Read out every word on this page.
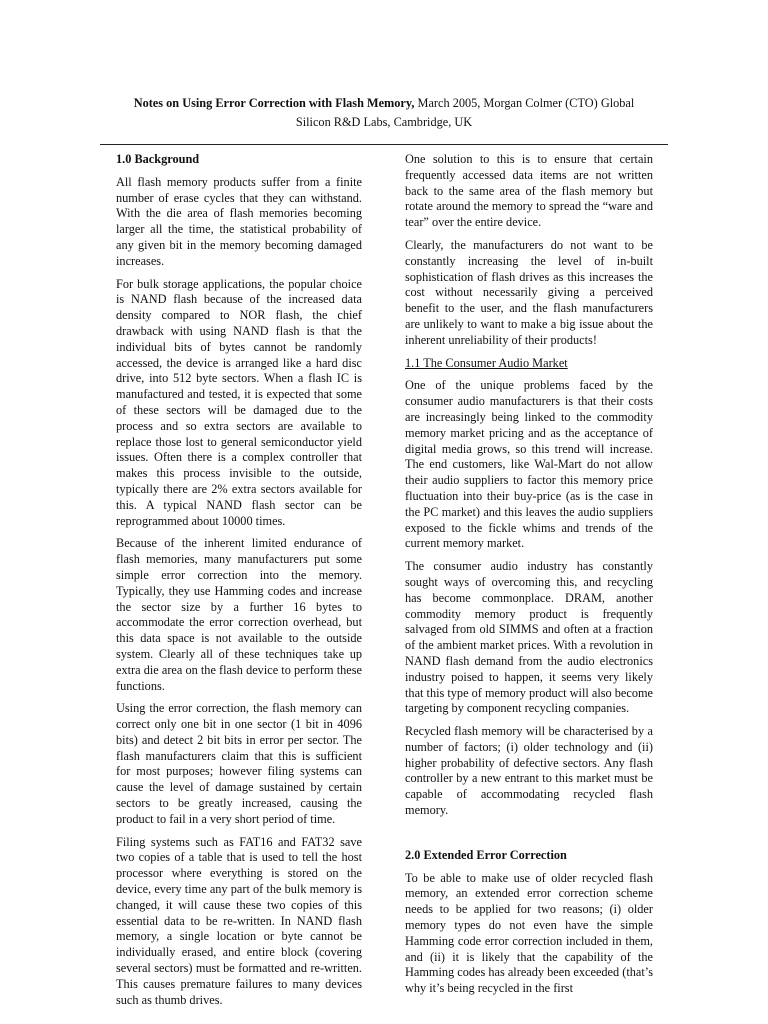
Notes on Using Error Correction with Flash Memory, March 2005, Morgan Colmer (CTO) Global
Silicon R&D Labs, Cambridge, UK
1.0 Background

All flash memory products suffer from a finite number of erase cycles that they can withstand. With the die area of flash memories becoming larger all the time, the statistical probability of any given bit in the memory becoming damaged increases.

For bulk storage applications, the popular choice is NAND flash because of the increased data density compared to NOR flash, the chief drawback with using NAND flash is that the individual bits of bytes cannot be randomly accessed, the device is arranged like a hard disc drive, into 512 byte sectors. When a flash IC is manufactured and tested, it is expected that some of these sectors will be damaged due to the process and so extra sectors are available to replace those lost to general semiconductor yield issues. Often there is a complex controller that makes this process invisible to the outside, typically there are 2% extra sectors available for this. A typical NAND flash sector can be reprogrammed about 10000 times.

Because of the inherent limited endurance of flash memories, many manufacturers put some simple error correction into the memory. Typically, they use Hamming codes and increase the sector size by a further 16 bytes to accommodate the error correction overhead, but this data space is not available to the outside system. Clearly all of these techniques take up extra die area on the flash device to perform these functions.

Using the error correction, the flash memory can correct only one bit in one sector (1 bit in 4096 bits) and detect 2 bit bits in error per sector. The flash manufacturers claim that this is sufficient for most purposes; however filing systems can cause the level of damage sustained by certain sectors to be greatly increased, causing the product to fail in a very short period of time.

Filing systems such as FAT16 and FAT32 save two copies of a table that is used to tell the host processor where everything is stored on the device, every time any part of the bulk memory is changed, it will cause these two copies of this essential data to be re-written. In NAND flash memory, a single location or byte cannot be individually erased, and entire block (covering several sectors) must be formatted and re-written. This causes premature failures to many devices such as thumb drives.

One solution to this is to ensure that certain frequently accessed data items are not written back to the same area of the flash memory but rotate around the memory to spread the “ware and tear” over the entire device.

Clearly, the manufacturers do not want to be constantly increasing the level of in-built sophistication of flash drives as this increases the cost without necessarily giving a perceived benefit to the user, and the flash manufacturers are unlikely to want to make a big issue about the inherent unreliability of their products!

1.1 The Consumer Audio Market

One of the unique problems faced by the consumer audio manufacturers is that their costs are increasingly being linked to the commodity memory market pricing and as the acceptance of digital media grows, so this trend will increase. The end customers, like Wal-Mart do not allow their audio suppliers to factor this memory price fluctuation into their buy-price (as is the case in the PC market) and this leaves the audio suppliers exposed to the fickle whims and trends of the current memory market.

The consumer audio industry has constantly sought ways of overcoming this, and recycling has become commonplace. DRAM, another commodity memory product is frequently salvaged from old SIMMS and often at a fraction of the ambient market prices. With a revolution in NAND flash demand from the audio electronics industry poised to happen, it seems very likely that this type of memory product will also become targeting by component recycling companies.

Recycled flash memory will be characterised by a number of factors; (i) older technology and (ii) higher probability of defective sectors. Any flash controller by a new entrant to this market must be capable of accommodating recycled flash memory.

2.0 Extended Error Correction

To be able to make use of older recycled flash memory, an extended error correction scheme needs to be applied for two reasons; (i) older memory types do not even have the simple Hamming code error correction included in them, and (ii) it is likely that the capability of the Hamming codes has already been exceeded (that’s why it’s being recycled in the first
